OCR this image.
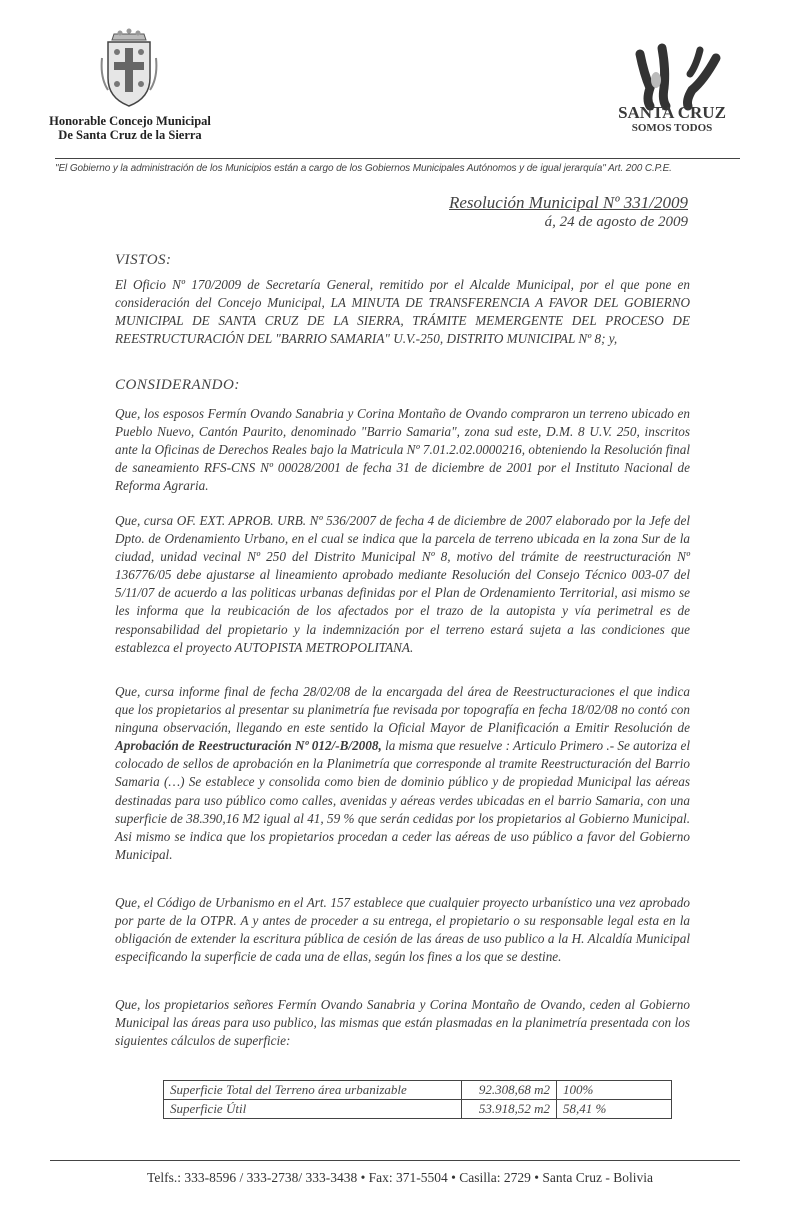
Honorable Concejo Municipal
De Santa Cruz de la Sierra
SANTA CRUZ
SOMOS TODOS
"El Gobierno y la administración de los Municipios están a cargo de los Gobiernos Municipales Autónomos y de igual jerarquía" Art. 200 C.P.E.
Resolución Municipal Nº 331/2009
á, 24 de agosto de 2009
VISTOS:
El Oficio Nº 170/2009 de Secretaría General, remitido por el Alcalde Municipal, por el que pone en consideración del Concejo Municipal, LA MINUTA DE TRANSFERENCIA A FAVOR DEL GOBIERNO MUNICIPAL DE SANTA CRUZ DE LA SIERRA, TRÁMITE MEMERGENTE DEL PROCESO DE REESTRUCTURACIÓN DEL "BARRIO SAMARIA" U.V.-250, DISTRITO MUNICIPAL Nº 8; y,
CONSIDERANDO:
Que, los esposos Fermín Ovando Sanabria y Corina Montaño de Ovando compraron un terreno ubicado en Pueblo Nuevo, Cantón Paurito, denominado "Barrio Samaria", zona sud este, D.M. 8 U.V. 250, inscritos ante la Oficinas de Derechos Reales bajo la Matricula Nº 7.01.2.02.0000216, obteniendo la Resolución final de saneamiento RFS-CNS Nº 00028/2001 de fecha 31 de diciembre de 2001 por el Instituto Nacional de Reforma Agraria.
Que, cursa OF. EXT. APROB. URB. Nº 536/2007 de fecha 4 de diciembre de 2007 elaborado por la Jefe del Dpto. de Ordenamiento Urbano, en el cual se indica que la parcela de terreno ubicada en la zona Sur de la ciudad, unidad vecinal Nº 250 del Distrito Municipal Nº 8, motivo del trámite de reestructuración Nº 136776/05 debe ajustarse al lineamiento aprobado mediante Resolución del Consejo Técnico 003-07 del 5/11/07 de acuerdo a las politicas urbanas definidas por el Plan de Ordenamiento Territorial, asi mismo se les informa que la reubicación de los afectados por el trazo de la autopista y vía perimetral es de responsabilidad del propietario y la indemnización por el terreno estará sujeta a las condiciones que establezca el proyecto AUTOPISTA METROPOLITANA.
Que, cursa informe final de fecha 28/02/08 de la encargada del área de Reestructuraciones el que indica que los propietarios al presentar su planimetría fue revisada por topografía en fecha 18/02/08 no contó con ninguna observación, llegando en este sentido la Oficial Mayor de Planificación a Emitir Resolución de Aprobación de Reestructuración Nº 012/-B/2008, la misma que resuelve : Articulo Primero .- Se autoriza el colocado de sellos de aprobación en la Planimetría que corresponde al tramite Reestructuración del Barrio Samaria (…) Se establece y consolida como bien de dominio público y de propiedad Municipal las aéreas destinadas para uso público como calles, avenidas y aéreas verdes ubicadas en el barrio Samaria, con una superficie de 38.390,16 M2 igual al 41, 59 % que serán cedidas por los propietarios al Gobierno Municipal. Asi mismo se indica que los propietarios procedan a ceder las aéreas de uso público a favor del Gobierno Municipal.
Que, el Código de Urbanismo en el Art. 157 establece que cualquier proyecto urbanístico una vez aprobado por parte de la OTPR. A y antes de proceder a su entrega, el propietario o su responsable legal esta en la obligación de extender la escritura pública de cesión de las áreas de uso publico a la H. Alcaldía Municipal especificando la superficie de cada una de ellas, según los fines a los que se destine.
Que, los propietarios señores Fermín Ovando Sanabria y Corina Montaño de Ovando, ceden al Gobierno Municipal las áreas para uso publico, las mismas que están plasmadas en la planimetría presentada con los siguientes cálculos de superficie:
Superficie Total del Terreno área urbanizable	92.308,68 m2	100%
Superficie Útil	53.918,52 m2	58,41 %
Telfs.: 333-8596 / 333-2738/ 333-3438 • Fax: 371-5504 • Casilla: 2729 • Santa Cruz - Bolivia
